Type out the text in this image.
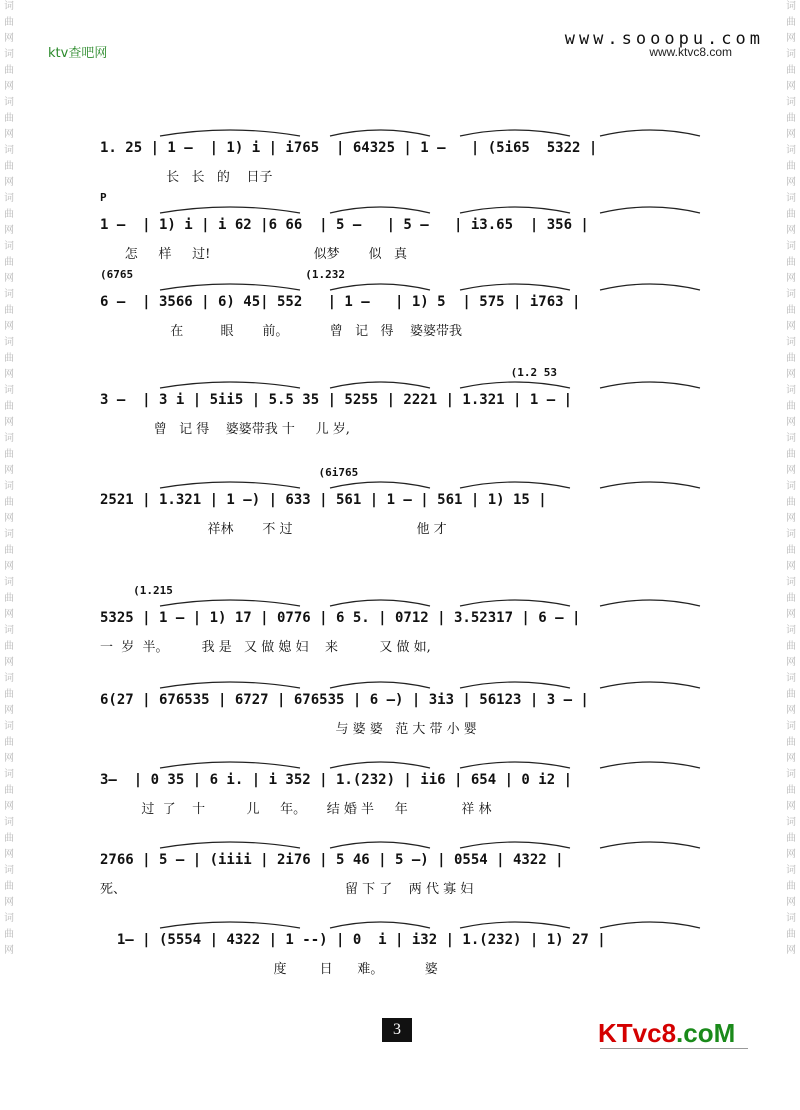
词
曲
网
词
曲
网
词
曲
网
词
曲
网
词
曲
网
词
曲
网
词
曲
网
词
曲
网
词
曲
网
词
曲
网
词
曲
网
词
曲
网
词
曲
网
词
曲
网
词
曲
网
词
曲
网
词
曲
网
词
曲
网
词
曲
网
词
曲
网
词
曲
网
词
曲
网
词
曲
网
词
曲
网
词
曲
网
词
曲
网
词
曲
网
词
曲
网
词
曲
网
词
曲
网
词
曲
网
词
曲
网
词
曲
网
词
曲
网
词
曲
网
词
曲
网
词
曲
网
词
曲
网
词
曲
网
词
曲
网
ktv查吧网
www.sooopu.com
www.ktvc8.com
1. 25 | 1 —  | 1) i | i765  | 64325 | 1 —   | (5i65  5322 |
长   长   的    日子
P
1 —  | 1) i | i 62 |6 66  | 5 —   | 5 —   | i3.65  | 356 |
怎     样     过!                         似梦       似   真
(6765                          (1.232
6 —  | 3566 | 6) 45| 552   | 1 —   | 1) 5  | 575 | i763 |
在         眼       前。          曾   记   得    婆婆带我
(1.2 53
3 —  | 3 i | 5ii5 | 5.5 35 | 5255 | 2221 | 1.321 | 1 — |
曾   记 得    婆婆带我 十     儿 岁,
(6i765
2521 | 1.321 | 1 —) | 633 | 561 | 1 — | 561 | 1) 15 |
祥林       不 过                              他 才
(1.215
5325 | 1 — | 1) 17 | 0776 | 6 5. | 0712 | 3.52317 | 6 — |
一  岁  半。        我 是   又 做 媳 妇    来          又 做 如,
6(27 | 676535 | 6727 | 676535 | 6 —) | 3i3 | 56123 | 3 — |
与 婆 婆   范 大 带 小 婴
3—  | 0 35 | 6 i. | i 352 | 1.(232) | ii6 | 654 | 0 i2 |
过  了    十          儿     年。     结 婚 半     年             祥 林
2766 | 5 — | (iiii | 2i76 | 5 46 | 5 —) | 0554 | 4322 |
死、                                                     留 下 了    两 代 寡 妇
1— | (5554 | 4322 | 1 --) | 0  i | i32 | 1.(232) | 1) 27 |
度        日      难。          婆
3	KTvc8.coM
